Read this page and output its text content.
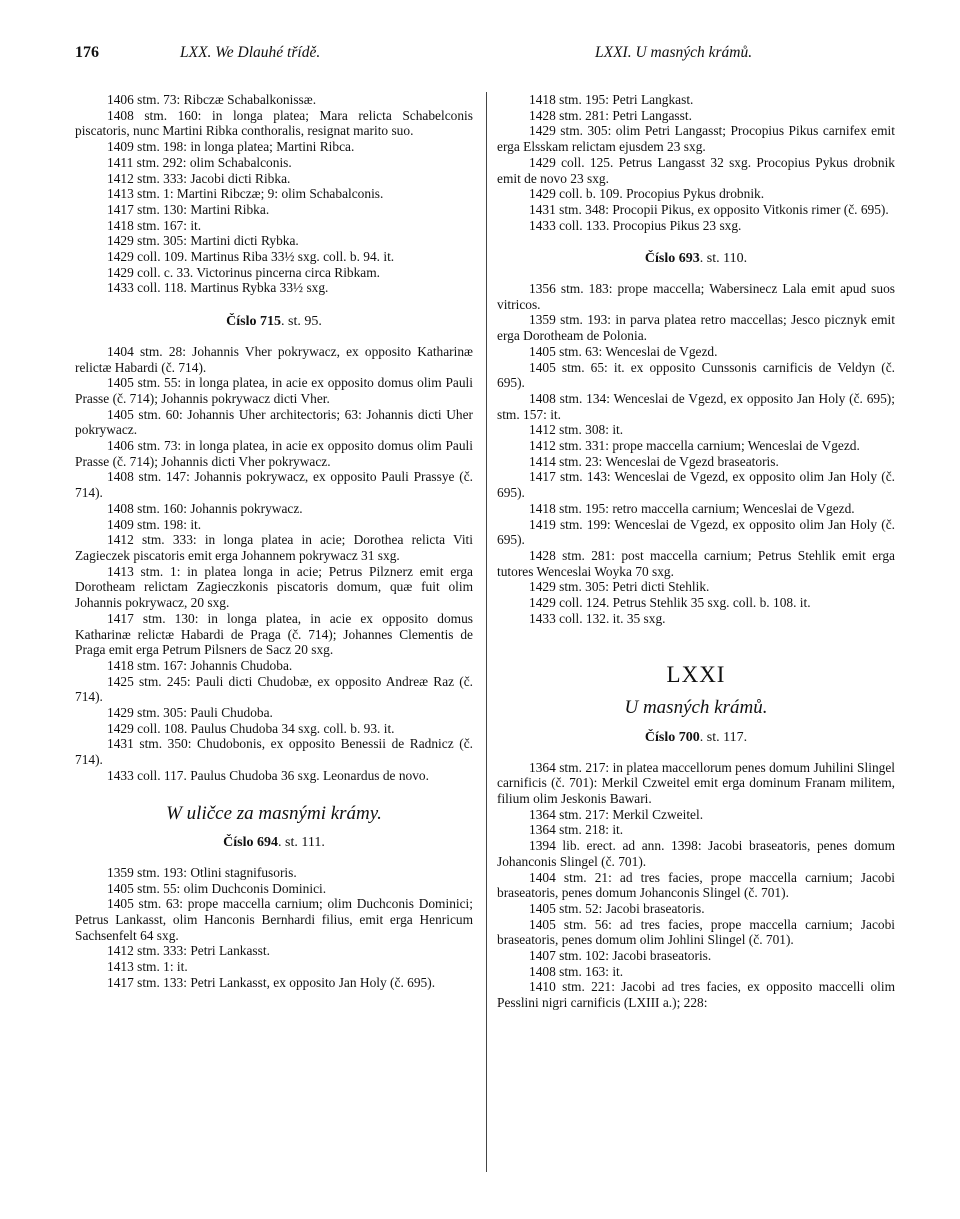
176	LXX. We Dlauhé třídě.	LXXI. U masných krámů.
1406 stm. 73: Ribczæ Schabalkonissæ.
1408 stm. 160: in longa platea; Mara relicta Schabelconis piscatoris, nunc Martini Ribka conthoralis, resignat marito suo.
1409 stm. 198: in longa platea; Martini Ribca.
1411 stm. 292: olim Schabalconis.
1412 stm. 333: Jacobi dicti Ribka.
1413 stm. 1: Martini Ribczæ; 9: olim Schabalconis.
1417 stm. 130: Martini Ribka.
1418 stm. 167: it.
1429 stm. 305: Martini dicti Rybka.
1429 coll. 109. Martinus Riba 33½ sxg. coll. b. 94. it.
1429 coll. c. 33. Victorinus pincerna circa Ribkam.
1433 coll. 118. Martinus Rybka 33½ sxg.
Číslo 715. st. 95.
1404 stm. 28: Johannis Vher pokrywacz, ex opposito Katharinæ relictæ Habardi (č. 714).
1405 stm. 55: in longa platea, in acie ex opposito domus olim Pauli Prasse (č. 714); Johannis pokrywacz dicti Vher.
1405 stm. 60: Johannis Uher architectoris; 63: Johannis dicti Uher pokrywacz.
1406 stm. 73: in longa platea, in acie ex opposito domus olim Pauli Prasse (č. 714); Johannis dicti Vher pokrywacz.
1408 stm. 147: Johannis pokrywacz, ex opposito Pauli Prassye (č. 714).
1408 stm. 160: Johannis pokrywacz.
1409 stm. 198: it.
1412 stm. 333: in longa platea in acie; Dorothea relicta Viti Zagieczek piscatoris emit erga Johannem pokrywacz 31 sxg.
1413 stm. 1: in platea longa in acie; Petrus Pilznerz emit erga Dorotheam relictam Zagieczkonis piscatoris domum, quæ fuit olim Johannis pokrywacz, 20 sxg.
1417 stm. 130: in longa platea, in acie ex opposito domus Katharinæ relictæ Habardi de Praga (č. 714); Johannes Clementis de Praga emit erga Petrum Pilsners de Sacz 20 sxg.
1418 stm. 167: Johannis Chudoba.
1425 stm. 245: Pauli dicti Chudobæ, ex opposito Andreæ Raz (č. 714).
1429 stm. 305: Pauli Chudoba.
1429 coll. 108. Paulus Chudoba 34 sxg. coll. b. 93. it.
1431 stm. 350: Chudobonis, ex opposito Benessii de Radnicz (č. 714).
1433 coll. 117. Paulus Chudoba 36 sxg. Leonardus de novo.
W uličce za masnými krámy.
Číslo 694. st. 111.
1359 stm. 193: Otlini stagnifusoris.
1405 stm. 55: olim Duchconis Dominici.
1405 stm. 63: prope maccella carnium; olim Duchconis Dominici; Petrus Lankasst, olim Hanconis Bernhardi filius, emit erga Henricum Sachsenfelt 64 sxg.
1412 stm. 333: Petri Lankasst.
1413 stm. 1: it.
1417 stm. 133: Petri Lankasst, ex opposito Jan Holy (č. 695).
1418 stm. 195: Petri Langkast.
1428 stm. 281: Petri Langasst.
1429 stm. 305: olim Petri Langasst; Procopius Pikus carnifex emit erga Elsskam relictam ejusdem 23 sxg.
1429 coll. 125. Petrus Langasst 32 sxg. Procopius Pykus drobnik emit de novo 23 sxg.
1429 coll. b. 109. Procopius Pykus drobnik.
1431 stm. 348: Procopii Pikus, ex opposito Vitkonis rimer (č. 695).
1433 coll. 133. Procopius Pikus 23 sxg.
Číslo 693. st. 110.
1356 stm. 183: prope maccella; Wabersinecz Lala emit apud suos vitricos.
1359 stm. 193: in parva platea retro maccellas; Jesco picznyk emit erga Dorotheam de Polonia.
1405 stm. 63: Wenceslai de Vgezd.
1405 stm. 65: it. ex opposito Cunssonis carnificis de Veldyn (č. 695).
1408 stm. 134: Wenceslai de Vgezd, ex opposito Jan Holy (č. 695); stm. 157: it.
1412 stm. 308: it.
1412 stm. 331: prope maccella carnium; Wenceslai de Vgezd.
1414 stm. 23: Wenceslai de Vgezd braseatoris.
1417 stm. 143: Wenceslai de Vgezd, ex opposito olim Jan Holy (č. 695).
1418 stm. 195: retro maccella carnium; Wenceslai de Vgezd.
1419 stm. 199: Wenceslai de Vgezd, ex opposito olim Jan Holy (č. 695).
1428 stm. 281: post maccella carnium; Petrus Stehlik emit erga tutores Wenceslai Woyka 70 sxg.
1429 stm. 305: Petri dicti Stehlik.
1429 coll. 124. Petrus Stehlik 35 sxg. coll. b. 108. it.
1433 coll. 132. it. 35 sxg.
LXXI
U masných krámů.
Číslo 700. st. 117.
1364 stm. 217: in platea maccellorum penes domum Juhilini Slingel carnificis (č. 701): Merkil Czweitel emit erga dominum Franam militem, filium olim Jeskonis Bawari.
1364 stm. 217: Merkil Czweitel.
1364 stm. 218: it.
1394 lib. erect. ad ann. 1398: Jacobi braseatoris, penes domum Johanconis Slingel (č. 701).
1404 stm. 21: ad tres facies, prope maccella carnium; Jacobi braseatoris, penes domum Johanconis Slingel (č. 701).
1405 stm. 52: Jacobi braseatoris.
1405 stm. 56: ad tres facies, prope maccella carnium; Jacobi braseatoris, penes domum olim Johlini Slingel (č. 701).
1407 stm. 102: Jacobi braseatoris.
1408 stm. 163: it.
1410 stm. 221: Jacobi ad tres facies, ex opposito maccelli olim Pesslini nigri carnificis (LXIII a.); 228:
